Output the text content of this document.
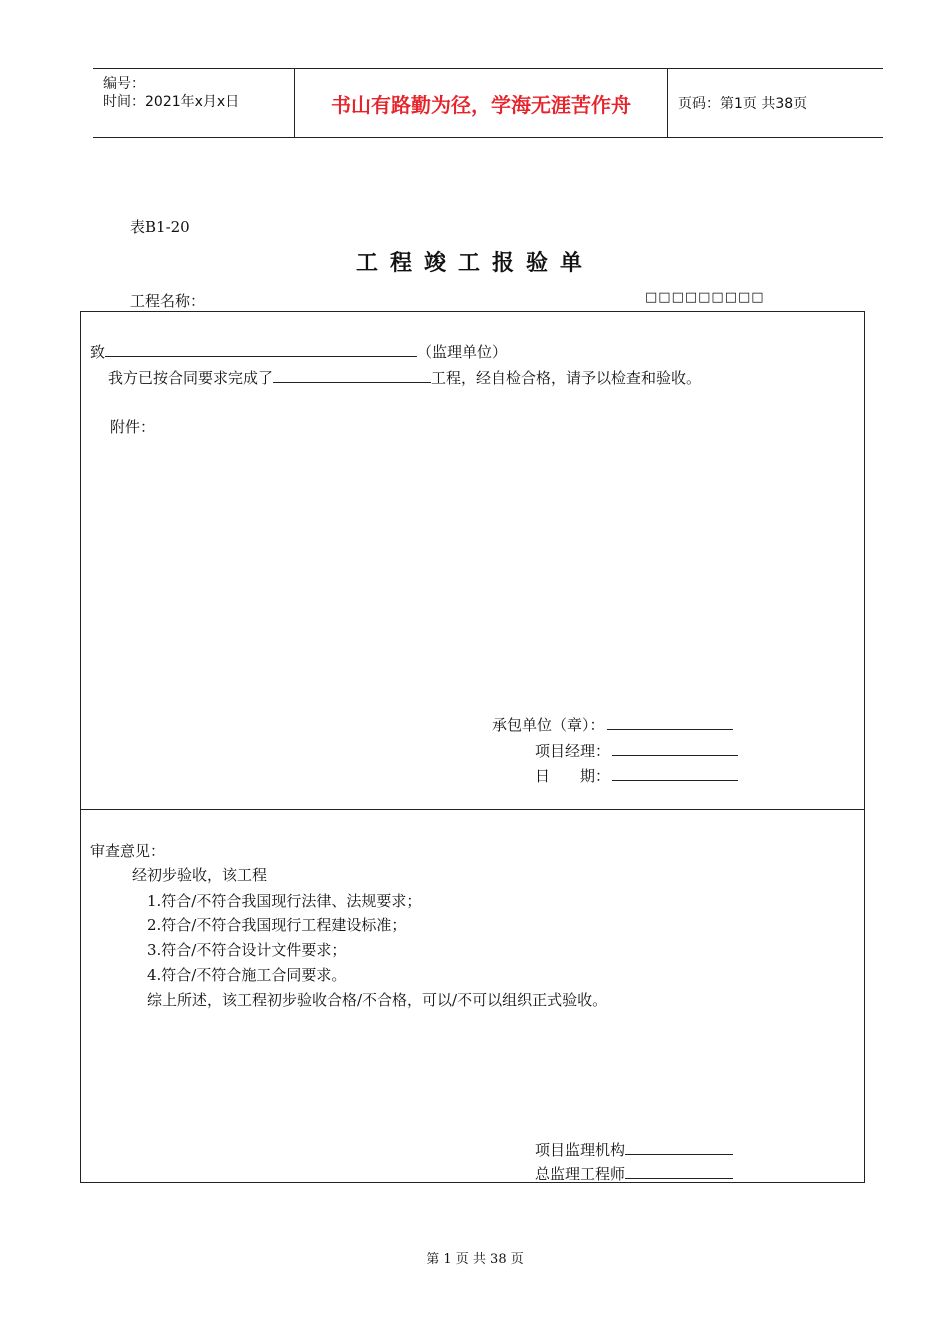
编号：
时间：2021年x月x日	书山有路勤为径，学海无涯苦作舟	页码：第1页 共38页
表B1-20
工程竣工报验单
工程名称：	□□□□□□□□□
致	（监理单位）
我方已按合同要求完成了	工程，经自检合格，请予以检查和验收。
附件：
承包单位（章）：
项目经理：
日　　期：
审查意见：
经初步验收，该工程
1.符合/不符合我国现行法律、法规要求；
2.符合/不符合我国现行工程建设标准；
3.符合/不符合设计文件要求；
4.符合/不符合施工合同要求。
综上所述，该工程初步验收合格/不合格，可以/不可以组织正式验收。
项目监理机构
总监理工程师
第 1 页 共 38 页
